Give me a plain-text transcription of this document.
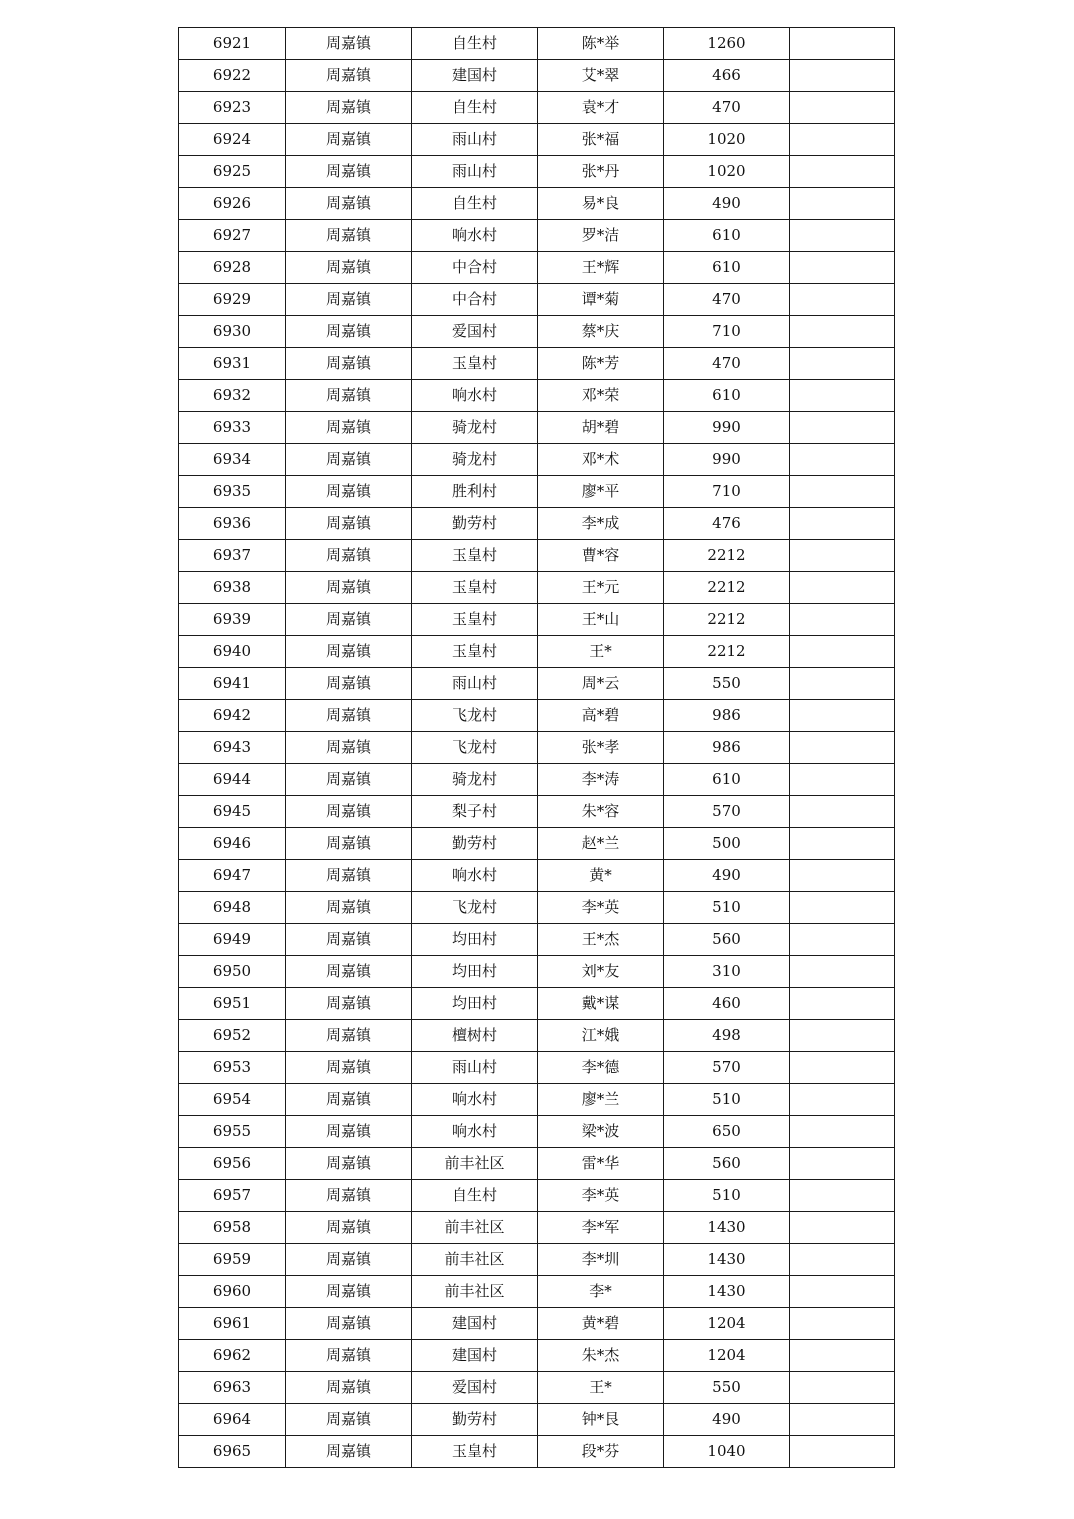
6921	周嘉镇	自生村	陈*举	1260	
6922	周嘉镇	建国村	艾*翠	466	
6923	周嘉镇	自生村	袁*才	470	
6924	周嘉镇	雨山村	张*福	1020	
6925	周嘉镇	雨山村	张*丹	1020	
6926	周嘉镇	自生村	易*良	490	
6927	周嘉镇	响水村	罗*洁	610	
6928	周嘉镇	中合村	王*辉	610	
6929	周嘉镇	中合村	谭*菊	470	
6930	周嘉镇	爱国村	蔡*庆	710	
6931	周嘉镇	玉皇村	陈*芳	470	
6932	周嘉镇	响水村	邓*荣	610	
6933	周嘉镇	骑龙村	胡*碧	990	
6934	周嘉镇	骑龙村	邓*术	990	
6935	周嘉镇	胜利村	廖*平	710	
6936	周嘉镇	勤劳村	李*成	476	
6937	周嘉镇	玉皇村	曹*容	2212	
6938	周嘉镇	玉皇村	王*元	2212	
6939	周嘉镇	玉皇村	王*山	2212	
6940	周嘉镇	玉皇村	王*	2212	
6941	周嘉镇	雨山村	周*云	550	
6942	周嘉镇	飞龙村	高*碧	986	
6943	周嘉镇	飞龙村	张*孝	986	
6944	周嘉镇	骑龙村	李*涛	610	
6945	周嘉镇	梨子村	朱*容	570	
6946	周嘉镇	勤劳村	赵*兰	500	
6947	周嘉镇	响水村	黄*	490	
6948	周嘉镇	飞龙村	李*英	510	
6949	周嘉镇	均田村	王*杰	560	
6950	周嘉镇	均田村	刘*友	310	
6951	周嘉镇	均田村	戴*谋	460	
6952	周嘉镇	檀树村	江*娥	498	
6953	周嘉镇	雨山村	李*德	570	
6954	周嘉镇	响水村	廖*兰	510	
6955	周嘉镇	响水村	梁*波	650	
6956	周嘉镇	前丰社区	雷*华	560	
6957	周嘉镇	自生村	李*英	510	
6958	周嘉镇	前丰社区	李*军	1430	
6959	周嘉镇	前丰社区	李*圳	1430	
6960	周嘉镇	前丰社区	李*	1430	
6961	周嘉镇	建国村	黄*碧	1204	
6962	周嘉镇	建国村	朱*杰	1204	
6963	周嘉镇	爱国村	王*	550	
6964	周嘉镇	勤劳村	钟*艮	490	
6965	周嘉镇	玉皇村	段*芬	1040	
